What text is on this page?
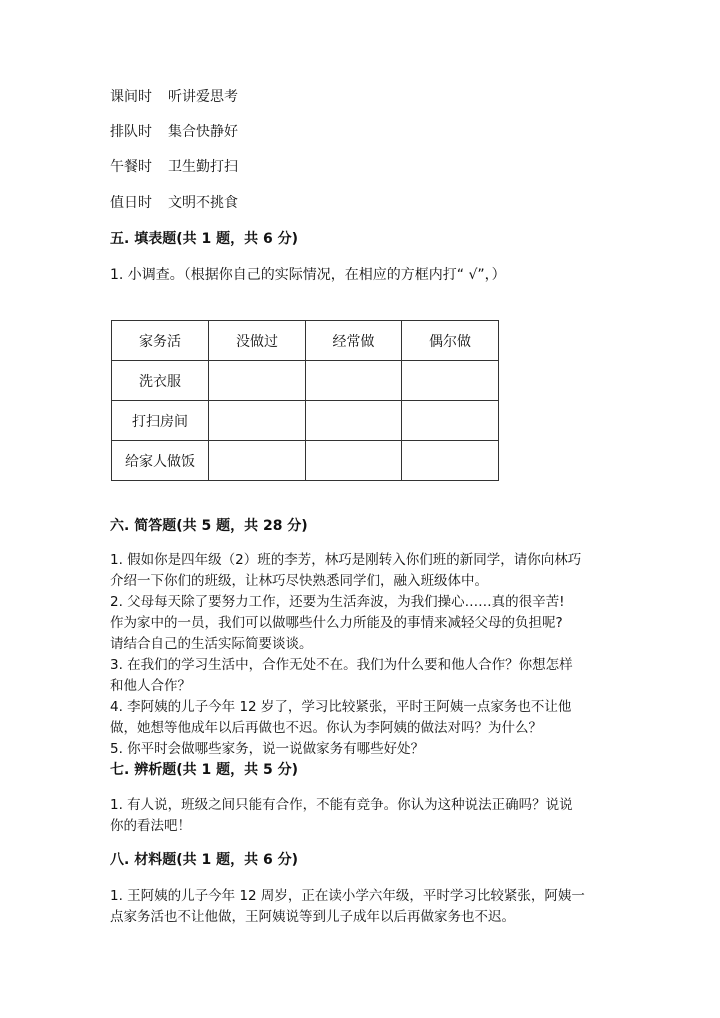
课间时 听讲爱思考
排队时 集合快静好
午餐时 卫生勤打扫
值日时 文明不挑食
五. 填表题(共 1 题，共 6 分)
1. 小调查。（根据你自己的实际情况，在相应的方框内打“ √”，）
家务活	没做过	经常做	偶尔做
洗衣服			
打扫房间			
给家人做饭			
六. 简答题(共 5 题，共 28 分)
1. 假如你是四年级（2）班的李芳，林巧是刚转入你们班的新同学，请你向林巧
介绍一下你们的班级，让林巧尽快熟悉同学们，融入班级体中。
2. 父母每天除了要努力工作，还要为生活奔波，为我们操心……真的很辛苦!
作为家中的一员，我们可以做哪些什么力所能及的事情来减轻父母的负担呢?
请结合自己的生活实际简要谈谈。
3. 在我们的学习生活中，合作无处不在。我们为什么要和他人合作？你想怎样
和他人合作？
4. 李阿姨的儿子今年 12 岁了，学习比较紧张，平时王阿姨一点家务也不让他
做，她想等他成年以后再做也不迟。你认为李阿姨的做法对吗？为什么？
5. 你平时会做哪些家务，说一说做家务有哪些好处？
七. 辨析题(共 1 题，共 5 分)
1. 有人说，班级之间只能有合作，不能有竞争。你认为这种说法正确吗？说说
你的看法吧！
八. 材料题(共 1 题，共 6 分)
1. 王阿姨的儿子今年 12 周岁，正在读小学六年级，平时学习比较紧张，阿姨一
点家务活也不让他做，王阿姨说等到儿子成年以后再做家务也不迟。
